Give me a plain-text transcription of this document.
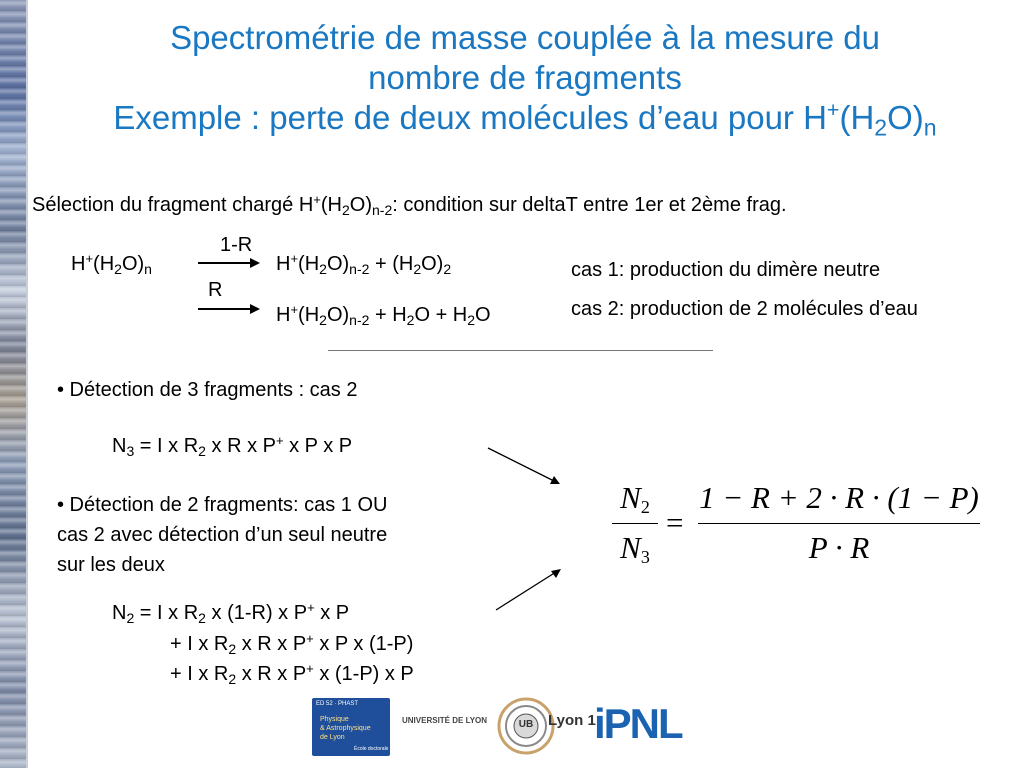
Spectrométrie de masse couplée à la mesure du
nombre de fragments
Exemple : perte de deux molécules d’eau pour $H^+(H_2O)_n$
Sélection du fragment chargé $H^+(H_2O)_{n-2}$: condition sur deltaT entre 1er et 2ème frag.
$H^+(H_2O)_n$
1-R
R
$H^+(H_2O)_{n-2} + (H_2O)_2$
$H^+(H_2O)_{n-2} + H_2O + H_2O$
cas 1: production du dimère neutre
cas 2: production de 2 molécules d’eau
• Détection de 3 fragments : cas 2
$N_3 = I$ x $R_2$ x R x P+ x P x P
• Détection de 2 fragments: cas 1 OU
cas 2 avec détection d’un seul neutre
sur les deux
$N_2 = I$ x $R_2$ x (1-R) x P+ x P
+ I x $R_2$ x R x P+ x P x (1-P)
+ I x $R_2$ x R x P+ x (1-P) x P
$N_2$
$N_3$
=
1 − R + 2 · R · (1 − P)
P · R
ED 52 · PHAST
Physique
& Astrophysique
de Lyon
École doctorale
UNIVERSITÉ DE LYON	UB Lyon 1
iPNL
